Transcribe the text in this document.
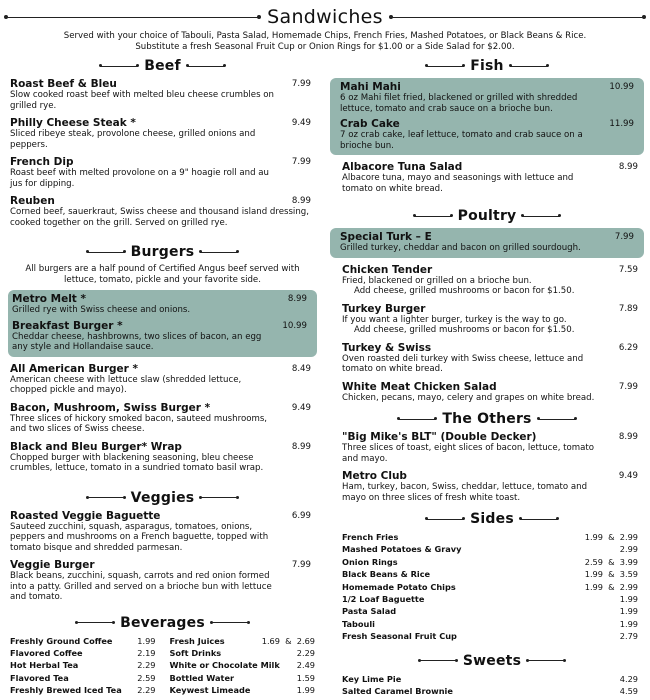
Sandwiches
Served with your choice of Tabouli, Pasta Salad, Homemade Chips, French Fries, Mashed Potatoes, or Black Beans & Rice.
Substitute a fresh Seasonal Fruit Cup or Onion Rings for $1.00 or a Side Salad for $2.00.
Beef
Roast Beef & Bleu	7.99
Slow cooked roast beef with melted bleu cheese crumbles on grilled rye.
Philly Cheese Steak *	9.49
Sliced ribeye steak, provolone cheese, grilled onions and peppers.
French Dip	7.99
Roast beef with melted provolone on a 9" hoagie roll and au jus for dipping.
Reuben	8.99
Corned beef, sauerkraut, Swiss cheese and thousand island dressing, cooked together on the grill. Served on grilled rye.
Burgers
All burgers are a half pound of Certified Angus beef served with lettuce, tomato, pickle and your favorite side.
Metro Melt *	8.99
Grilled rye with Swiss cheese and onions.
Breakfast Burger *	10.99
Cheddar cheese, hashbrowns, two slices of bacon, an egg any style and Hollandaise sauce.
All American Burger *	8.49
American cheese with lettuce slaw (shredded lettuce, chopped pickle and mayo).
Bacon, Mushroom, Swiss Burger *	9.49
Three slices of hickory smoked bacon, sauteed mushrooms, and two slices of Swiss cheese.
Black and Bleu Burger* Wrap	8.99
Chopped burger with blackening seasoning, bleu cheese crumbles, lettuce, tomato in a sundried tomato basil wrap.
Veggies
Roasted Veggie Baguette	6.99
Sauteed zucchini, squash, asparagus, tomatoes, onions, peppers and mushrooms on a French baguette, topped with tomato bisque and shredded parmesan.
Veggie Burger	7.99
Black beans, zucchini, squash, carrots and red onion formed into a patty. Grilled and served on a brioche bun with lettuce and tomato.
Beverages
Freshly Ground Coffee	1.99
Flavored Coffee	2.19
Hot Herbal Tea	2.29
Flavored Tea	2.59
Freshly Brewed Iced Tea 2.29
Fresh Juices	1.69  &  2.69
Soft Drinks	2.29
White or Chocolate Milk 2.49
Bottled Water	1.59
Keywest Limeade	1.99
Fish
Mahi Mahi	10.99
6 oz Mahi filet fried, blackened or grilled with shredded lettuce, tomato and crab sauce on a brioche bun.
Crab Cake	11.99
7 oz crab cake, leaf lettuce, tomato and crab sauce on a brioche bun.
Albacore Tuna Salad	8.99
Albacore tuna, mayo and seasonings with lettuce and tomato on white bread.
Poultry
Special Turk – E	7.99
Grilled turkey, cheddar and bacon on grilled sourdough.
Chicken Tender	7.59
Fried, blackened or grilled on a brioche bun.
Add cheese, grilled mushrooms or bacon for $1.50.
Turkey Burger	7.89
If you want a lighter burger, turkey is the way to go.
Add cheese, grilled mushrooms or bacon for $1.50.
Turkey & Swiss	6.29
Oven roasted deli turkey with Swiss cheese, lettuce and tomato on white bread.
White Meat Chicken Salad	7.99
Chicken, pecans, mayo, celery and grapes on white bread.
The Others
"Big Mike's BLT" (Double Decker)	8.99
Three slices of toast, eight slices of bacon, lettuce, tomato and mayo.
Metro Club	9.49
Ham, turkey, bacon, Swiss, cheddar, lettuce, tomato and mayo on three slices of fresh white toast.
Sides
French Fries	1.99  &  2.99
Mashed Potatoes & Gravy	2.99
Onion Rings	2.59  &  3.99
Black Beans & Rice	1.99  &  3.59
Homemade Potato Chips	1.99  &  2.99
1/2 Loaf Baguette	1.99
Pasta Salad	1.99
Tabouli	1.99
Fresh Seasonal Fruit Cup	2.79
Sweets
Key Lime Pie	4.29
Salted Caramel Brownie	4.59
